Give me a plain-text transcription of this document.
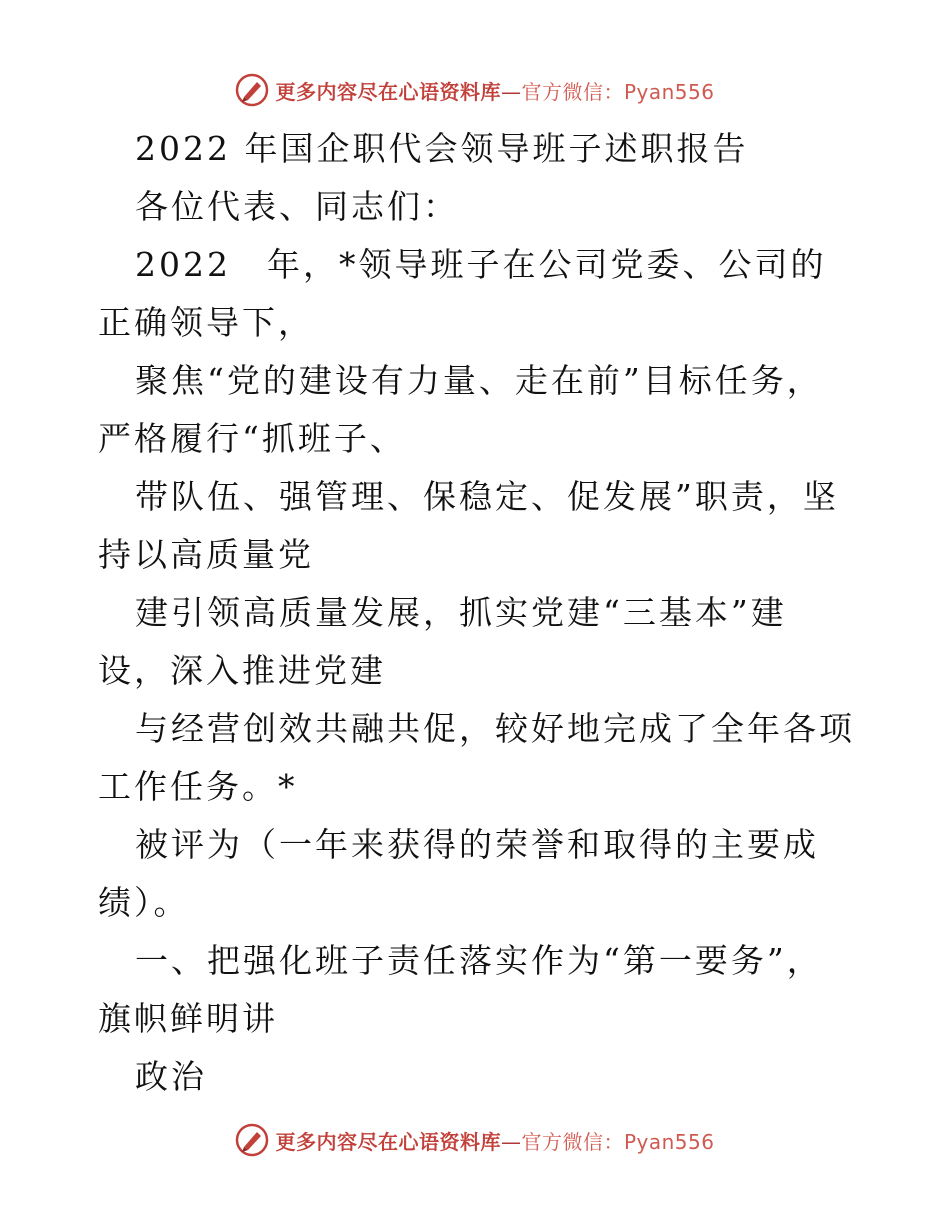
更多内容尽在心语资料库—官方微信：Pyan556

2022 年国企职代会领导班子述职报告

各位代表、同志们：

2022　年，*领导班子在公司党委、公司的正确领导下，

聚焦“党的建设有力量、走在前”目标任务，严格履行“抓班子、

带队伍、强管理、保稳定、促发展”职责，坚持以高质量党

建引领高质量发展，抓实党建“三基本”建设，深入推进党建

与经营创效共融共促，较好地完成了全年各项工作任务。*

被评为（一年来获得的荣誉和取得的主要成绩）。

一、把强化班子责任落实作为“第一要务”，旗帜鲜明讲

政治

更多内容尽在心语资料库—官方微信：Pyan556
